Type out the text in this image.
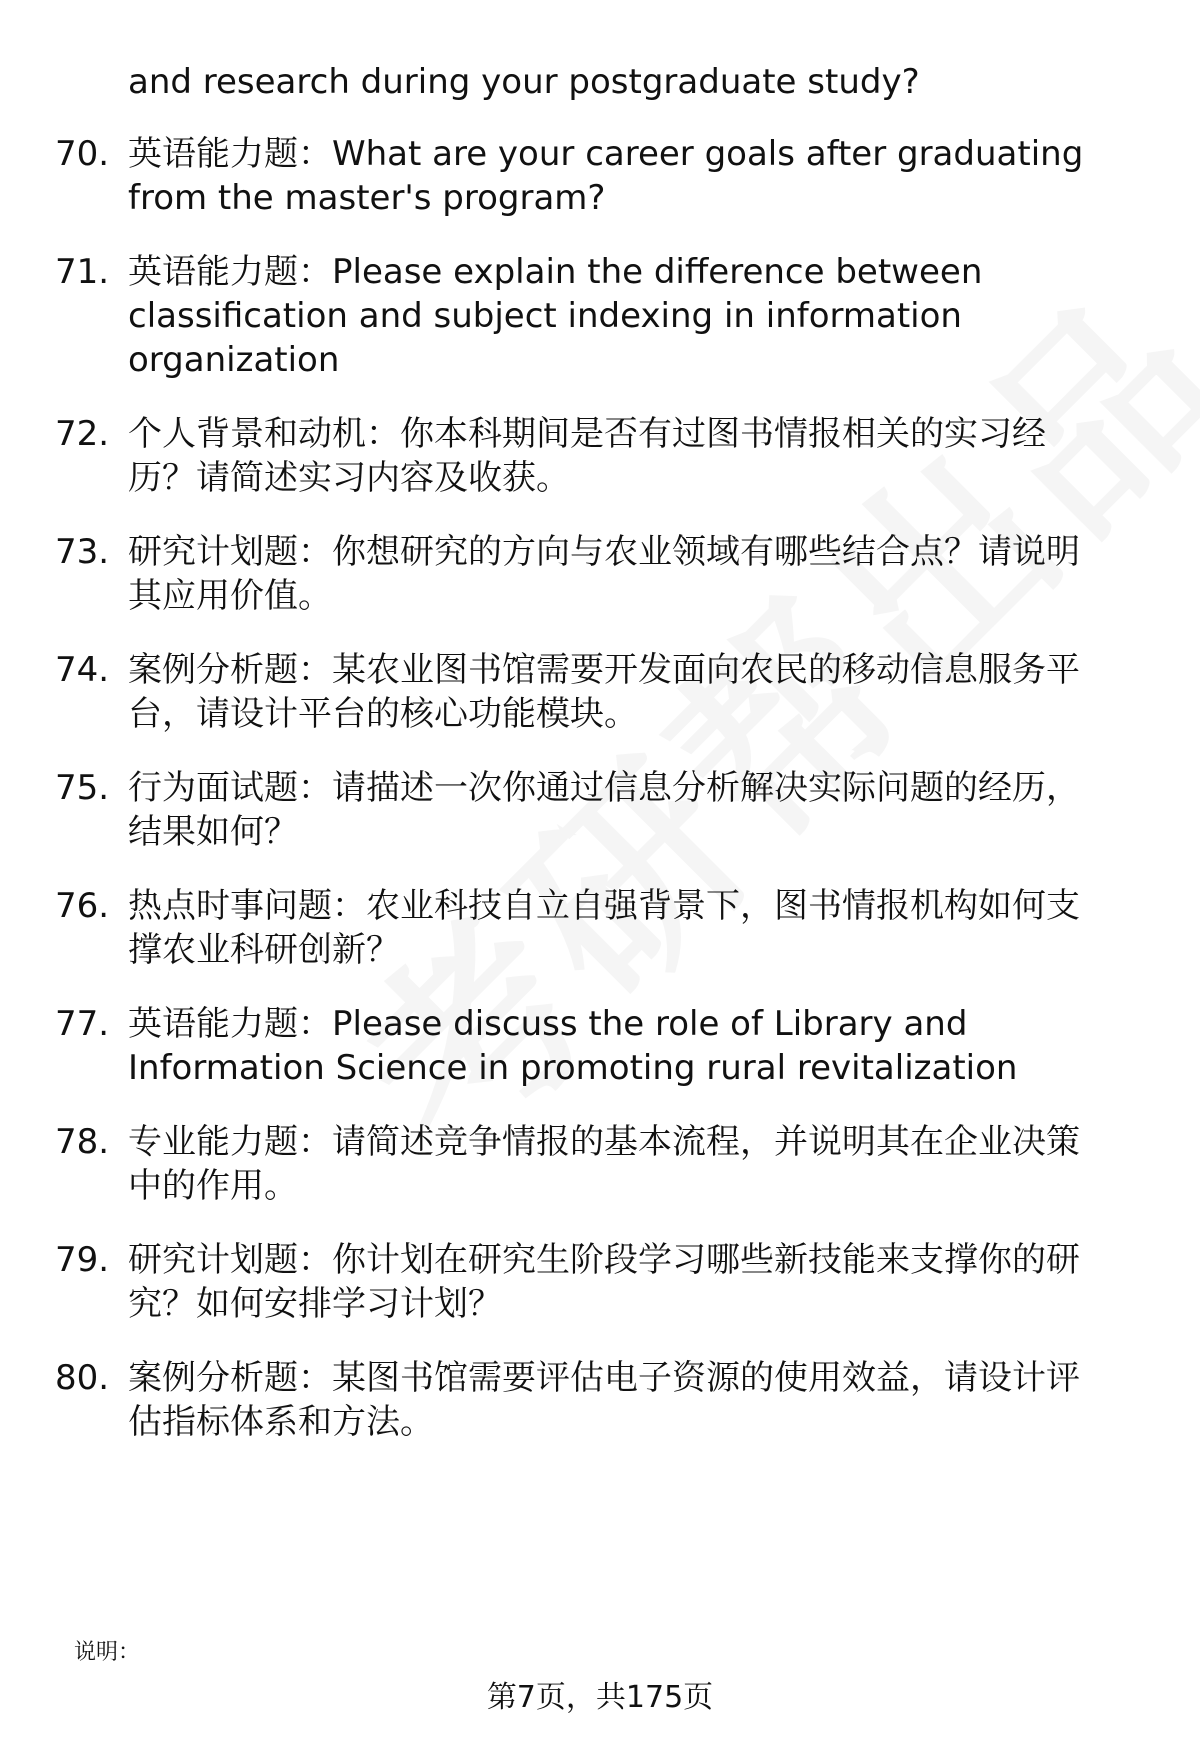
and research during your postgraduate study?
70. 英语能力题：What are your career goals after graduating
from the master's program?
71. 英语能力题：Please explain the difference between
classification and subject indexing in information
organization
72. 个人背景和动机：你本科期间是否有过图书情报相关的实习经
历？请简述实习内容及收获。
73. 研究计划题：你想研究的方向与农业领域有哪些结合点？请说明
其应用价值。
74. 案例分析题：某农业图书馆需要开发面向农民的移动信息服务平
台，请设计平台的核心功能模块。
75. 行为面试题：请描述一次你通过信息分析解决实际问题的经历，
结果如何？
76. 热点时事问题：农业科技自立自强背景下，图书情报机构如何支
撑农业科研创新？
77. 英语能力题：Please discuss the role of Library and
Information Science in promoting rural revitalization
78. 专业能力题：请简述竞争情报的基本流程，并说明其在企业决策
中的作用。
79. 研究计划题：你计划在研究生阶段学习哪些新技能来支撑你的研
究？如何安排学习计划？
80. 案例分析题：某图书馆需要评估电子资源的使用效益，请设计评
估指标体系和方法。
说明：
第7页，共175页
